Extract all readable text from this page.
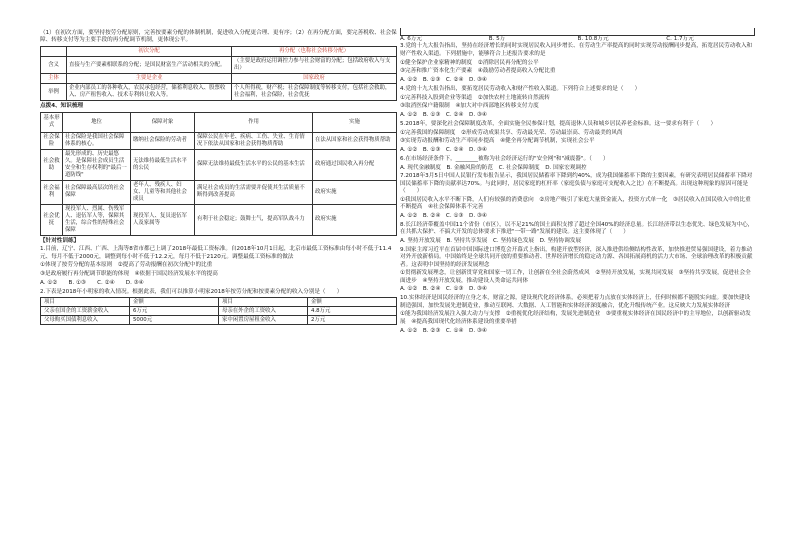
（1）在初次方面，要坚持按劳分配原则，完善按要素分配的体制机制，促进收入分配更合理、更有序；（2）在再分配方面，要完善税收、社会保障、转移支付等为主要手段的再分配调节机制，更体现公平。

	初次分配	再分配（也称社会转移分配）
含义	直接与生产要素相联系的分配；是国民财富生产活动相关的分配。	（主要是政府运用调控力参与社会财富的分配；包括政府收入与支出）
主体	主要是企业	国家政府
举例	企业内部员工的各种收入，农民承包经营，储蓄利息收入、股票收入、房产租售收入、技术专利转让收入等。	个人所得税，财产税；社会保障制度等转移支付，包括社会救助，社会福利，社会保险，社会优抚
点拨4、知识梳理
基本形式	地位	保障对象	作用	实施
社会保险	社会保险是我国社会保障体系的核心。	缴纳社会保险的劳动者	保障公民在年老、疾病、工伤、失业、生育情况下依法从国家和社会获得物质帮助	在法从国家和社会获得物质帮助
社会救助	最先形成的、历史最悠久。是保障社会成员生活安全和生存权利的"最后一道防线"	无法维持最低生活水平的公民	保障无法维持最低生活水平的公民的基本生活	政府通过国民收入再分配
社会福利	社会保障最高层次的社会保障	老年人、残疾人、妇女、儿童等和其他社会成员	满足社会成员的生活需要并促使其生活质量不断得到改善提高	政府实施
社会优抚	现役军人、烈属、伤残军人、退伍军人等，保障其生活，综合性的特殊社会保障	现役军人、复员退伍军人及家属等	有利于社会稳定；鼓舞士气，提高军队战斗力	政府实施
【针对性训练】

1.目前，辽宁、江西、广西、上海等8省市都已上调了2018年最低工资标准。自2018年10月1日起，北京市最低工资标准由每小时不低于11.4元、每月不低于2000元，调整到每小时不低于12.2元，每月不低于2120元。调整最低工资标准的做法

①体现了按劳分配的基本原则　②提高了劳动报酬在初次分配中的比重

③是政府履行再分配调节职能的体现　④依据于国民经济发展水平的提高

A. ①②　　B. ①③　　C. ②④　　D. ③④

2.下表是2018年小明家的收入情况。根据此表，我们可以推算小明家2018年按劳分配和按要素分配的收入分别是（　　）

项目	金额	项目	金额
父亲在国企的工资薪金收入	6万元	母亲在外企的工资收入	4.8万元
父母购买国债利息收入	5000元	家中闲置房屋租金收入	2万元
A. 6万元	B. 5万	B. 10.8万元	C. 1.7万元

3.党的十九大报告指出，坚持在经济增长的同时实现居民收入同步增长、在劳动生产率提高的同时实现劳动报酬同步提高，拓宽居民劳动收入和财产性收入渠道。下列措施中，能够符合上述报告要求的是

①健全保护企业家精神的制度　②消除居民再分配的公平

③完善和推广资本化生产要素　④鼓励劳动者提高收入分配比重

A. ①②　B. ①③　C. ②④　D. ③④

4.党的十九大报告指出，要拓宽居民劳动收入和财产性收入渠道。下列符合上述要求的是（　　）

①完善科技入股到企业等渠道　②加快农村土地流转自然流转

③取消医保户籍限制　④加大对中西部地区转移支付力度

A. ①②　B. ①③　C. ②④　D. ③④

5.2018年，要深化社会保障制度改革，全面实施全民参保计划，提高退休人员和城乡居民养老金标准。这一要求有利于（　　）

①完善我国的保障制度　②形成劳动成果共享、劳动最光荣、劳动最崇高、劳动最美的风尚

③实现劳动报酬和劳动生产率同步提高　④健全再分配调节机制，实现社会公平

A. ①②　B. ①③　C. ②④　D. ③④

6.在市场经济条件下，________被称为社会经济运行的"安全网"和"减震器"。（　　）

A. 现代金融制度　B. 金融风险的防范　C. 社会保障制度　D. 国家宏观调控

7.2018年3月5日中国人民银行发布报告显示，我国居民储蓄率下降到约40%，成为我国储蓄率下降的主要因素，有研究表明居民储蓄率下降对国民储蓄率下降的贡献率达70%。与此同时，居民家庭的杠杆率（家庭负债与家庭可支配收入之比）在不断提高。出现这种现象的原因可能是（　　）

①我国居民收入水平不断下降，人们有较强的消费意向　②房地产吸引了家庭大量资金流入，投资方式单一化　③居民收入在国民收入中的比重不断提高　④社会保障体系不完善

A. ①②　B. ②④　C. ①③　D. ③④

8.长江经济带覆盖中国11个省份（市区），以不足21%的国土面积支撑了超过全国40%的经济总量。长江经济带以生态优先、绿色发展为中心，在共抓大保护、不搞大开发的总体要求下推进"一带一路"发展的建设。这主要体现了（　　）

A. 坚持开放发展　B. 坚持共享发展　C. 坚持绿色发展　D. 坚持协调发展

9.国家主席习近平在首届中国国际进口博览会开幕式上指出，构建开放型经济，深入推进供给侧结构性改革，加快推进贸易强国建设，着力推动对外开放新格局。中国始终是全球共同开放的重要推动者、世界经济增长的稳定动力源、各国拓展商机的活力大市场、全球治理改革的积极贡献者。这表明中国坚持的经济发展理念

①贯彻新发展理念，让创新贯穿党和国家一切工作，让创新在全社会蔚然成风　②坚持开放发展，实现共同发展　③坚持共享发展，促进社会全面进步　④坚持开放发展，推动建设人类命运共同体

A. ①②　B. ②④　C. ①③　D. ③④

10.实体经济是国民经济的立身之本，财富之源，建设现代化经济体系，必须把着力点放在实体经济上，任何时候都不能脱实向虚。要加快建设制造强国，加快发展先进制造业，推动互联网、大数据、人工智能和实体经济深度融合，优化升级传统产业。这反映大力发展实体经济

①能为我国经济发展注入强大动力与支撑　②重视优化经济结构，发展先进制造业　③要重视实体经济在国民经济中的主导地位，以创新驱动发展　④提高我国现代化经济体系建设的重要举措

A. ①②　B. ②③　C. ①④　D. ③④
